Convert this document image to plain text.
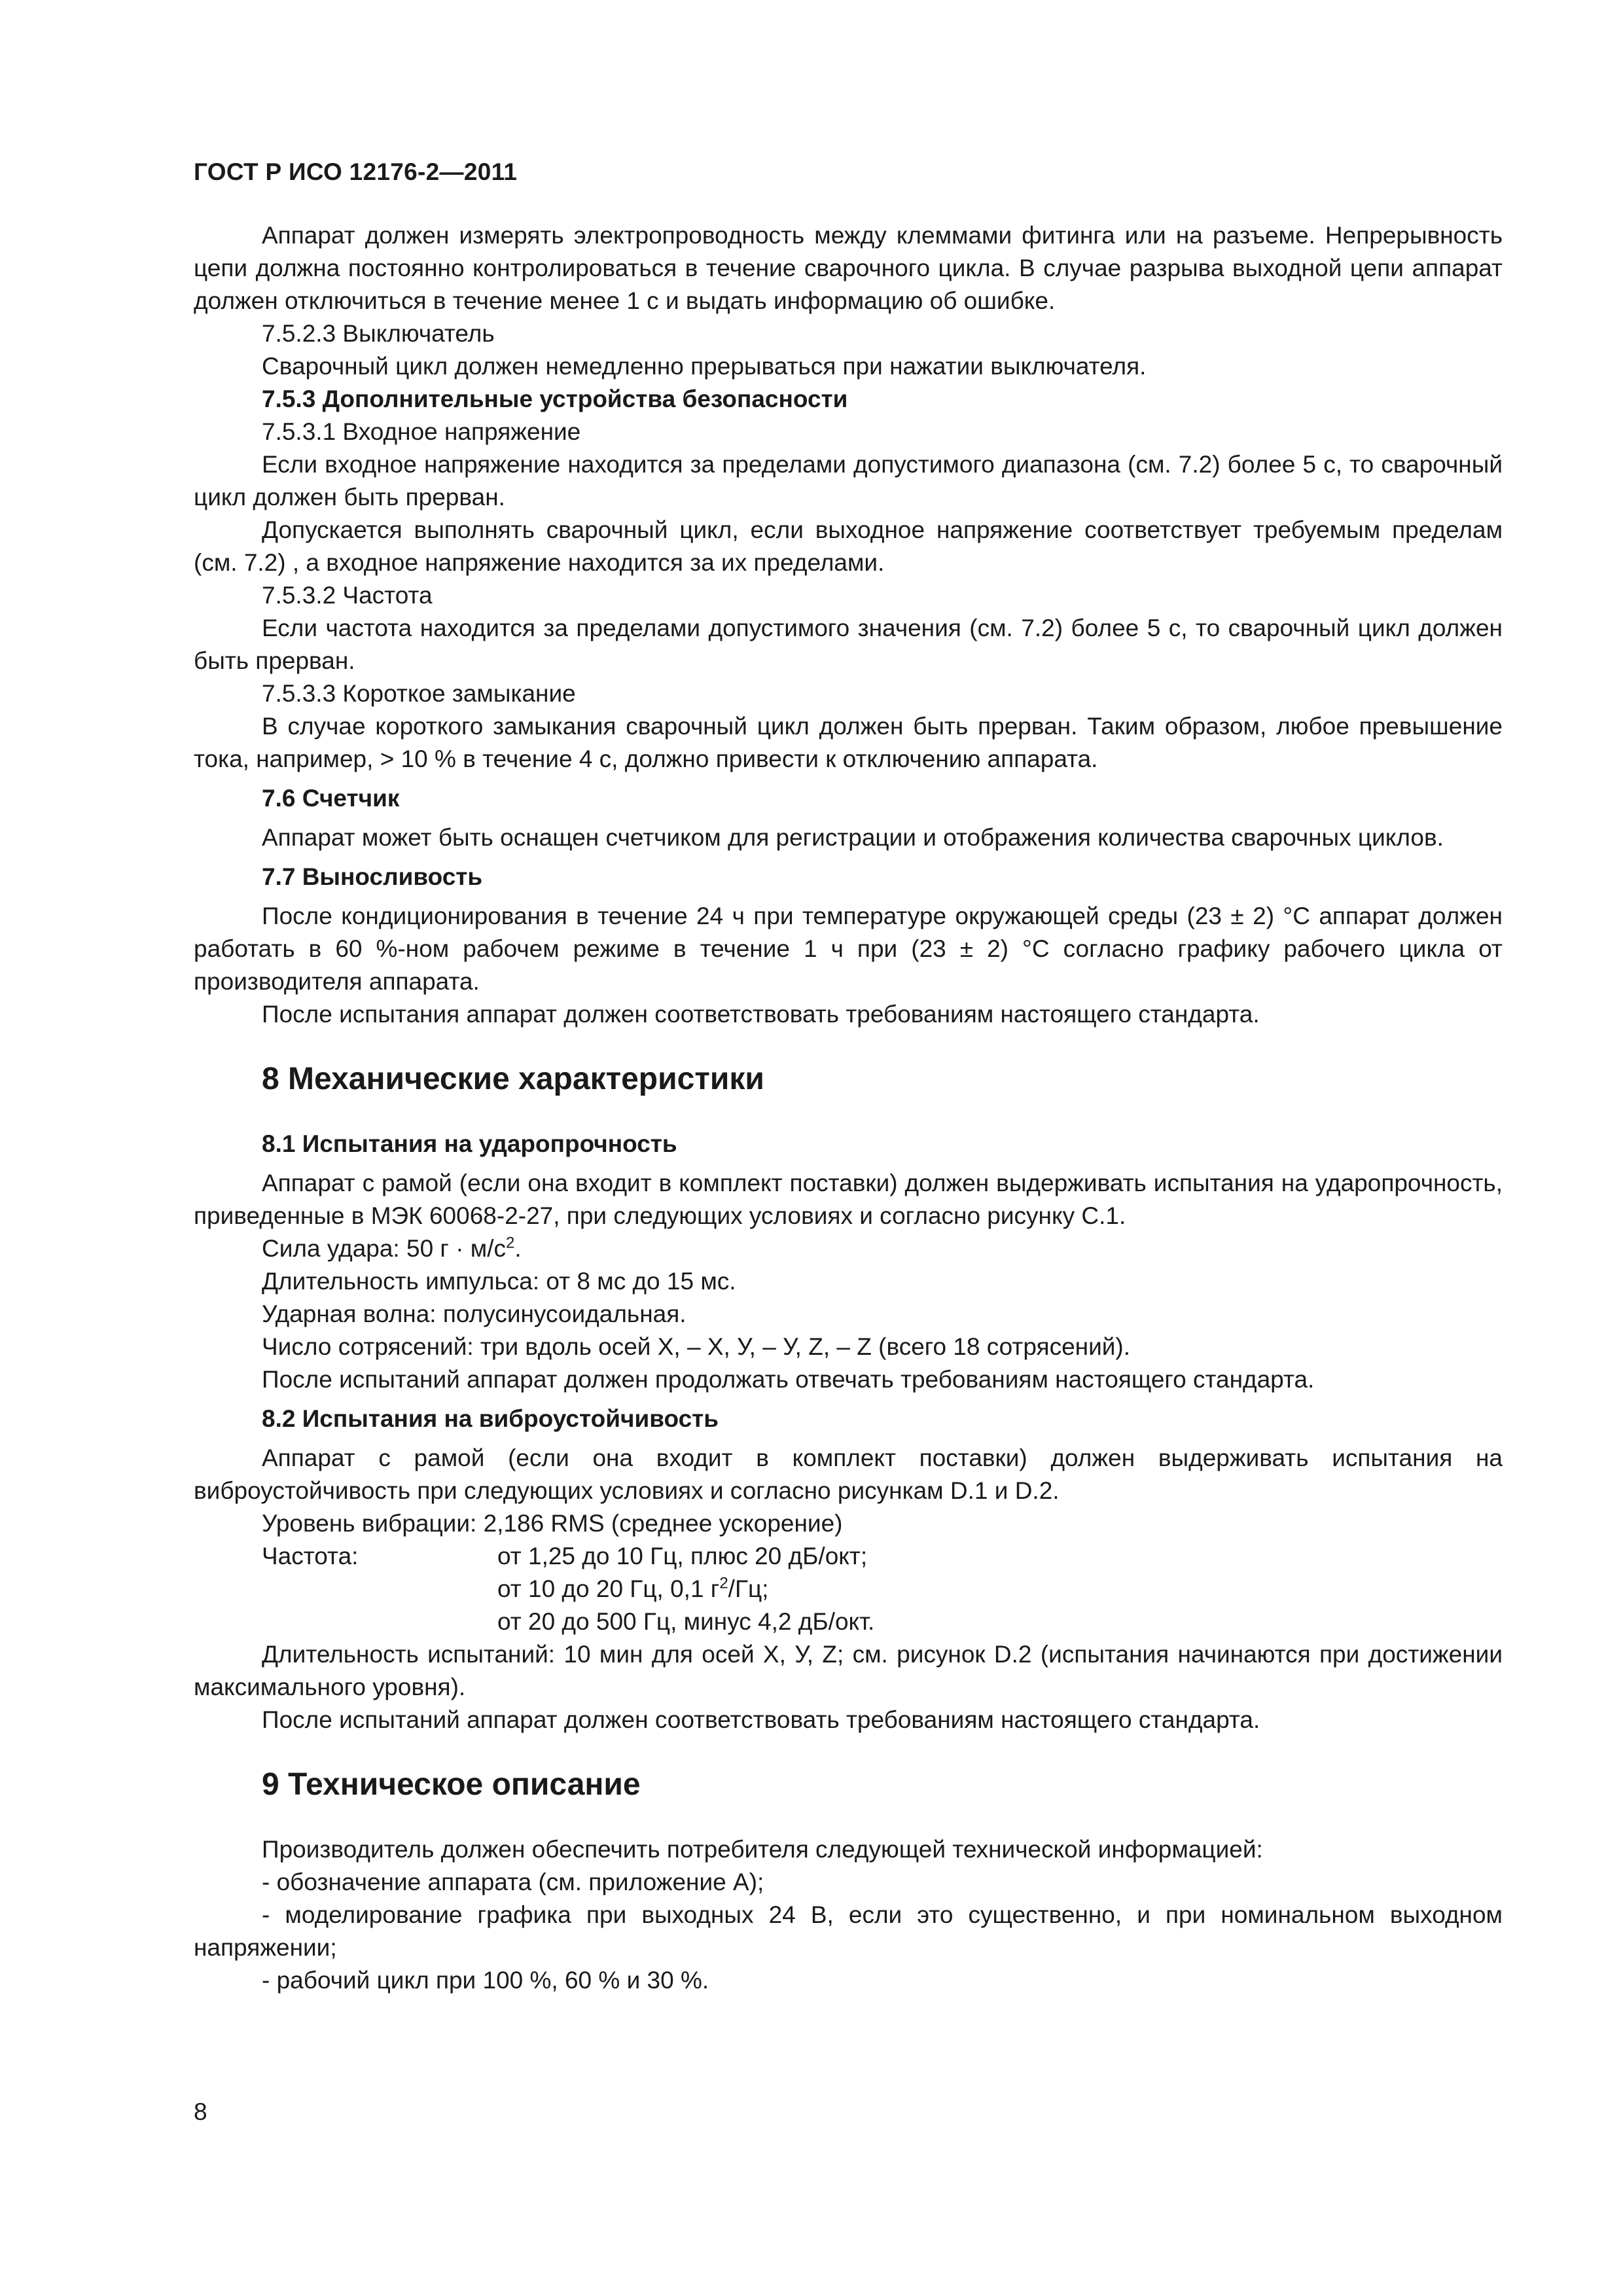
ГОСТ Р ИСО 12176-2—2011

Аппарат должен измерять электропроводность между клеммами фитинга или на разъеме. Непрерывность цепи должна постоянно контролироваться в течение сварочного цикла. В случае разрыва выходной цепи аппарат должен отключиться в течение менее 1 с и выдать информацию об ошибке.

7.5.2.3 Выключатель

Сварочный цикл должен немедленно прерываться при нажатии выключателя.

7.5.3 Дополнительные устройства безопасности

7.5.3.1 Входное напряжение

Если входное напряжение находится за пределами допустимого диапазона (см. 7.2) более 5 с, то сварочный цикл должен быть прерван.

Допускается выполнять сварочный цикл, если выходное напряжение соответствует требуемым пределам (см. 7.2) , а входное напряжение находится за их пределами.

7.5.3.2 Частота

Если частота находится за пределами допустимого значения (см. 7.2) более 5 с, то сварочный цикл должен быть прерван.

7.5.3.3 Короткое замыкание

В случае короткого замыкания сварочный цикл должен быть прерван. Таким образом, любое превышение тока, например, > 10 % в течение 4 с, должно привести к отключению аппарата.

7.6 Счетчик

Аппарат может быть оснащен счетчиком для регистрации и отображения количества сварочных циклов.

7.7 Выносливость

После кондиционирования в течение 24 ч при температуре окружающей среды (23 ± 2) °С аппарат должен работать в 60 %-ном рабочем режиме в течение 1 ч при (23 ± 2) °С согласно графику рабочего цикла от производителя аппарата.

После испытания аппарат должен соответствовать требованиям настоящего стандарта.

8 Механические характеристики

8.1 Испытания на ударопрочность

Аппарат с рамой (если она входит в комплект поставки) должен выдерживать испытания на ударопрочность, приведенные в МЭК 60068-2-27, при следующих условиях и согласно рисунку С.1.

Сила удара: 50 $г \cdot м/с^2$.

Длительность импульса: от 8 мс до 15 мс.

Ударная волна: полусинусоидальная.

Число сотрясений: три вдоль осей X, – X, У, – У, Z, – Z (всего 18 сотрясений).

После испытаний аппарат должен продолжать отвечать требованиям настоящего стандарта.

8.2 Испытания на виброустойчивость

Аппарат с рамой (если она входит в комплект поставки) должен выдерживать испытания на виброустойчивость при следующих условиях и согласно рисункам D.1 и D.2.

Уровень вибрации: 2,186 RMS (среднее ускорение)

Частота:	от 1,25 до 10 Гц, плюс 20 дБ/окт;

от 10 до 20 Гц, 0,1 $г^2/Гц$;

от 20 до 500 Гц, минус 4,2 дБ/окт.

Длительность испытаний: 10 мин для осей X, У, Z; см. рисунок D.2 (испытания начинаются при достижении максимального уровня).

После испытаний аппарат должен соответствовать требованиям настоящего стандарта.

9 Техническое описание

Производитель должен обеспечить потребителя следующей технической информацией:

- обозначение аппарата (см. приложение А);

- моделирование графика при выходных 24 В, если это существенно, и при номинальном выходном напряжении;

- рабочий цикл при 100 %, 60 % и 30 %.

8
